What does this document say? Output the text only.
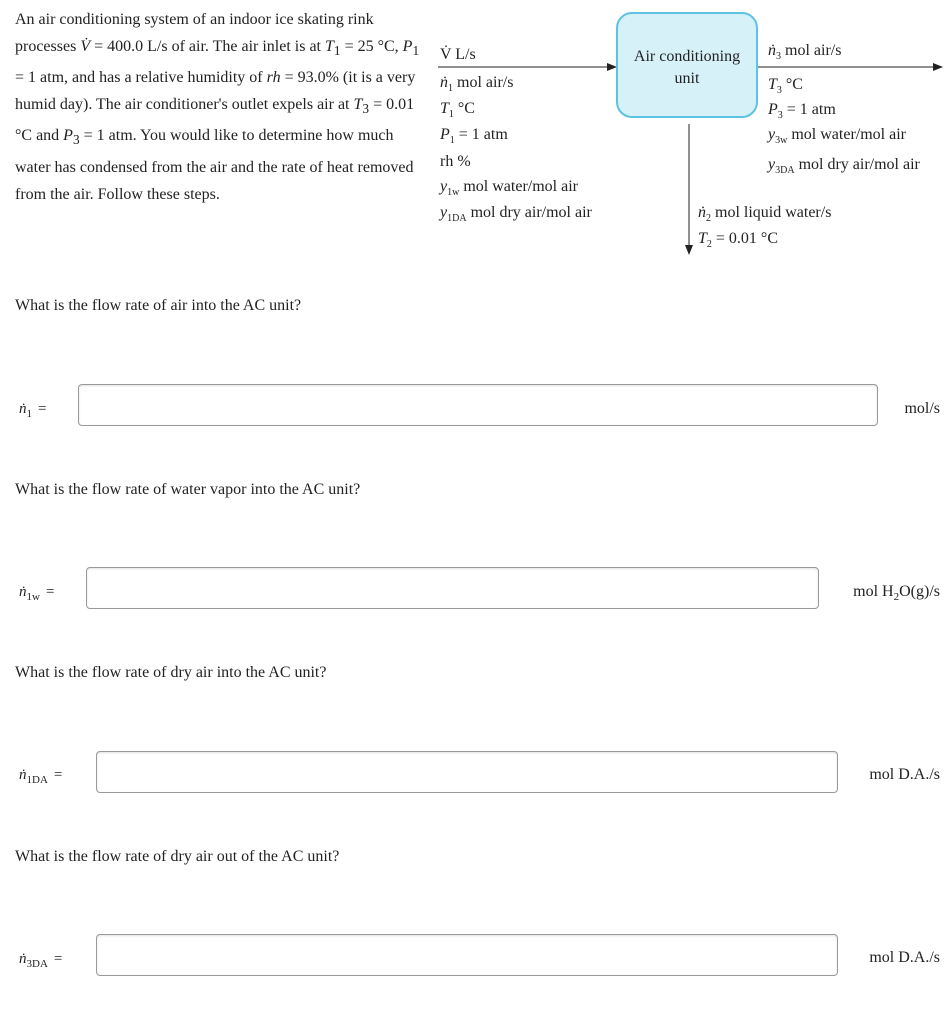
An air conditioning system of an indoor ice skating rink processes V̇ = 400.0 L/s of air. The air inlet is at $T_1 = 25$ °C, $P_1 = 1$ atm, and has a relative humidity of rh = 93.0% (it is a very humid day). The air conditioner's outlet expels air at $T_3 = 0.01$ °C and $P_3 = 1$ atm. You would like to determine how much water has condensed from the air and the rate of heat removed from the air. Follow these steps.
Air conditioning
unit
V̇ L/s
ṅ$_1$ mol air/s
$T_1$ °C
$P_1 = 1$ atm
rh %
$y_{1w}$ mol water/mol air
$y_{1DA}$ mol dry air/mol air
ṅ$_3$ mol air/s
$T_3$ °C
$P_3 = 1$ atm
$y_{3w}$ mol water/mol air
$y_{3DA}$ mol dry air/mol air
ṅ$_2$ mol liquid water/s
$T_2 = 0.01$ °C
What is the flow rate of air into the AC unit?
ṅ$_1$ =	mol/s
What is the flow rate of water vapor into the AC unit?
ṅ$_{1w}$ =	mol $H_2O(g)/s$
What is the flow rate of dry air into the AC unit?
ṅ$_{1DA}$ =	mol D.A./s
What is the flow rate of dry air out of the AC unit?
ṅ$_{3DA}$ =	mol D.A./s
